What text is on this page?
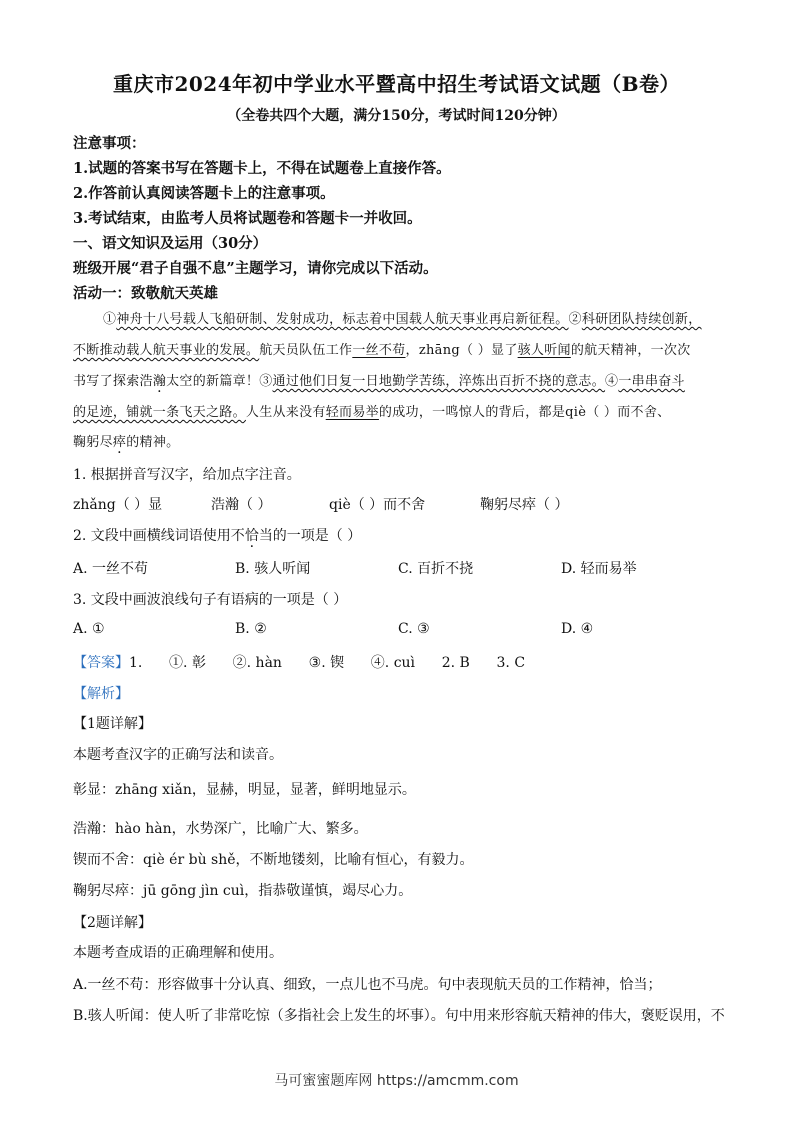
重庆市2024年初中学业水平暨高中招生考试语文试题（B卷）
（全卷共四个大题，满分150分，考试时间120分钟）
注意事项：
1.试题的答案书写在答题卡上，不得在试题卷上直接作答。
2.作答前认真阅读答题卡上的注意事项。
3.考试结束，由监考人员将试题卷和答题卡一并收回。
一、语文知识及运用（30分）
班级开展“君子自强不息”主题学习，请你完成以下活动。
活动一：致敬航天英雄
①神舟十八号载人飞船研制、发射成功，标志着中国载人航天事业再启新征程。②科研团队持续创新，
不断推动载人航天事业的发展。航天员队伍工作一丝不苟，zhāng（ ）显了骇人听闻的航天精神，一次次
书写了探索浩瀚太空的新篇章！③通过他们日复一日地勤学苦练，淬炼出百折不挠的意志。④一串串奋斗
的足迹，铺就一条飞天之路。人生从来没有轻而易举的成功，一鸣惊人的背后，都是qiè（ ）而不舍、
鞠躬尽瘁的精神。
1. 根据拼音写汉字，给加点字注音。
zhǎng（ ）显	浩瀚（ ）	qiè（ ）而不舍	鞠躬尽瘁（ ）
2. 文段中画横线词语使用不恰当的一项是（ ）
A. 一丝不苟	B. 骇人听闻	C. 百折不挠	D. 轻而易举
3. 文段中画波浪线句子有语病的一项是（ ）
A. ①	B. ②	C. ③	D. ④
【答案】1.      ①. 彰      ②. hàn      ③. 锲      ④. cuì      2. B      3. C
【解析】
【1题详解】
本题考查汉字的正确写法和读音。
彰显：zhāng xiǎn，显赫，明显，显著，鲜明地显示。
浩瀚：hào hàn，水势深广，比喻广大、繁多。
锲而不舍：qiè ér bù shě，不断地镂刻，比喻有恒心，有毅力。
鞠躬尽瘁：jū gōng jìn cuì，指恭敬谨慎，竭尽心力。
【2题详解】
本题考查成语的正确理解和使用。
A.一丝不苟：形容做事十分认真、细致，一点儿也不马虎。句中表现航天员的工作精神，恰当；
B.骇人听闻：使人听了非常吃惊（多指社会上发生的坏事）。句中用来形容航天精神的伟大，褒贬误用，不
马可蜜蜜题库网 https://amcmm.com
